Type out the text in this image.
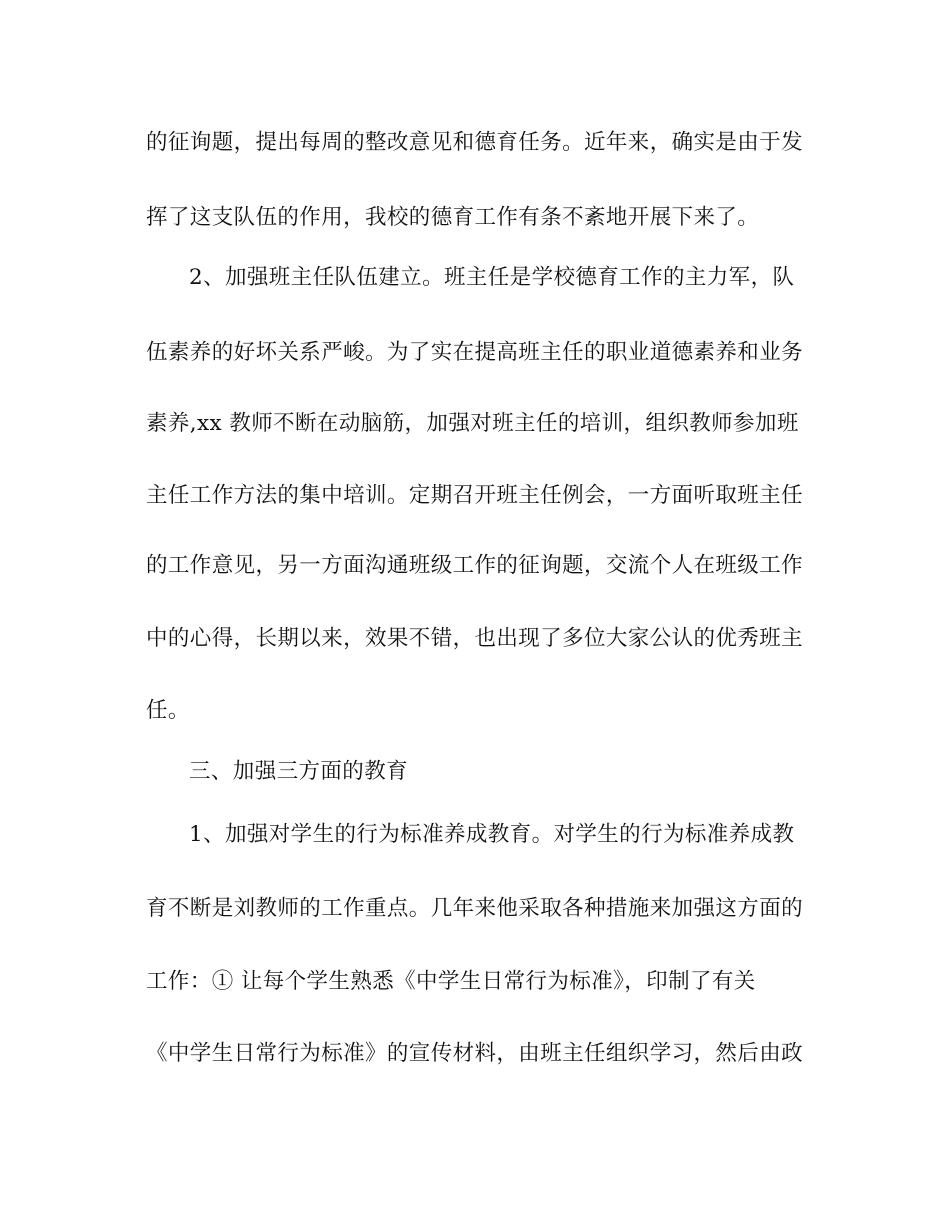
的征询题，提出每周的整改意见和德育任务。近年来，确实是由于发
挥了这支队伍的作用，我校的德育工作有条不紊地开展下来了。
2、加强班主任队伍建立。班主任是学校德育工作的主力军，队
伍素养的好坏关系严峻。为了实在提高班主任的职业道德素养和业务
素养,xx 教师不断在动脑筋，加强对班主任的培训，组织教师参加班
主任工作方法的集中培训。定期召开班主任例会，一方面听取班主任
的工作意见，另一方面沟通班级工作的征询题，交流个人在班级工作
中的心得，长期以来，效果不错，也出现了多位大家公认的优秀班主
任。
三、加强三方面的教育
1、加强对学生的行为标准养成教育。对学生的行为标准养成教
育不断是刘教师的工作重点。几年来他采取各种措施来加强这方面的
工作：① 让每个学生熟悉《中学生日常行为标准》，印制了有关
《中学生日常行为标准》的宣传材料，由班主任组织学习，然后由政
